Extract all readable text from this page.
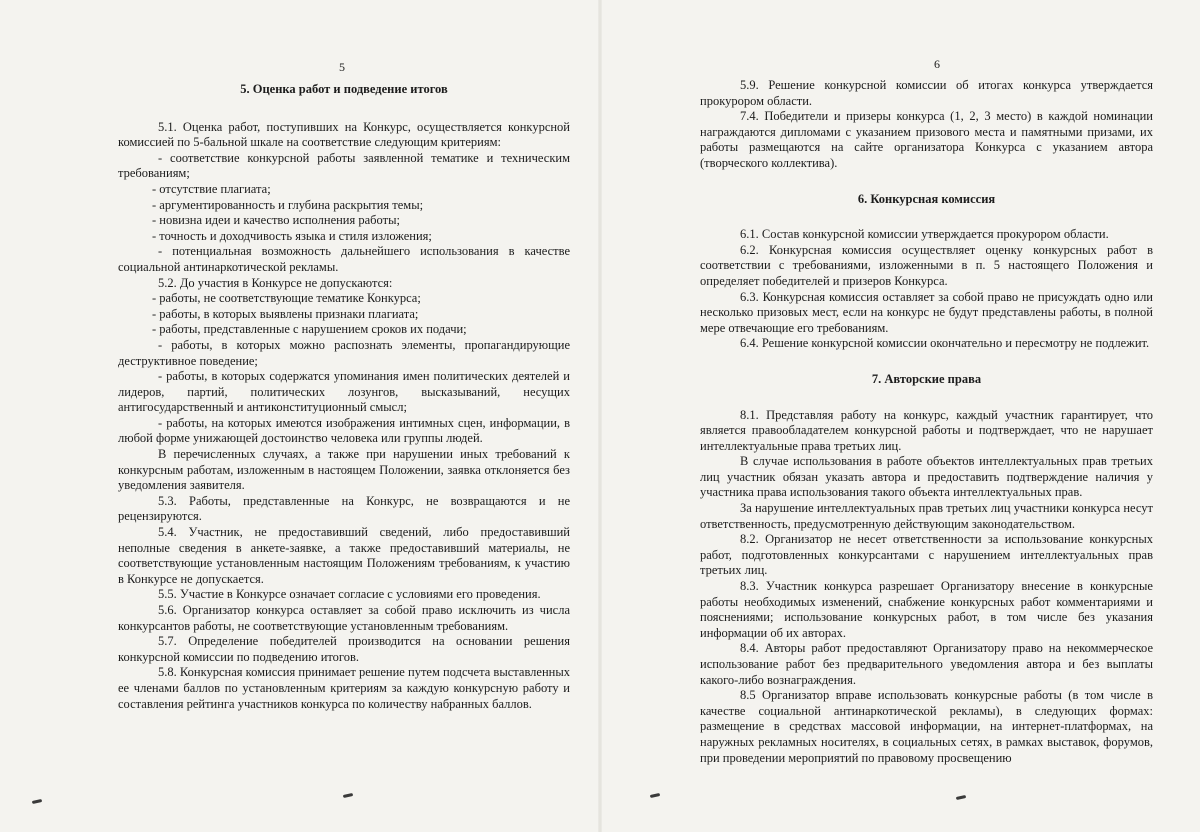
5
5. Оценка работ и подведение итогов

5.1. Оценка работ, поступивших на Конкурс, осуществляется конкурсной комиссией по 5-бальной шкале на соответствие следующим критериям:

- соответствие конкурсной работы заявленной тематике и техническим требованиям;

- отсутствие плагиата;

- аргументированность и глубина раскрытия темы;

- новизна идеи и качество исполнения работы;

- точность и доходчивость языка и стиля изложения;

- потенциальная возможность дальнейшего использования в качестве социальной антинаркотической рекламы.

5.2. До участия в Конкурсе не допускаются:

- работы, не соответствующие тематике Конкурса;

- работы, в которых выявлены признаки плагиата;

- работы, представленные с нарушением сроков их подачи;

- работы, в которых можно распознать элементы, пропагандирующие деструктивное поведение;

- работы, в которых содержатся упоминания имен политических деятелей и лидеров, партий, политических лозунгов, высказываний, несущих антигосударственный и антиконституционный смысл;

- работы, на которых имеются изображения интимных сцен, информации, в любой форме унижающей достоинство человека или группы людей.

В перечисленных случаях, а также при нарушении иных требований к конкурсным работам, изложенным в настоящем Положении, заявка отклоняется без уведомления заявителя.

5.3. Работы, представленные на Конкурс, не возвращаются и не рецензируются.

5.4. Участник, не предоставивший сведений, либо предоставивший неполные сведения в анкете-заявке, а также предоставивший материалы, не соответствующие установленным настоящим Положениям требованиям, к участию в Конкурсе не допускается.

5.5. Участие в Конкурсе означает согласие с условиями его проведения.

5.6. Организатор конкурса оставляет за собой право исключить из числа конкурсантов работы, не соответствующие установленным требованиям.

5.7. Определение победителей производится на основании решения конкурсной комиссии по подведению итогов.

5.8. Конкурсная комиссия принимает решение путем подсчета выставленных ее членами баллов по установленным критериям за каждую конкурсную работу и составления рейтинга участников конкурса по количеству набранных баллов.

6

5.9. Решение конкурсной комиссии об итогах конкурса утверждается прокурором области.

7.4. Победители и призеры конкурса (1, 2, 3 место) в каждой номинации награждаются дипломами с указанием призового места и памятными призами, их работы размещаются на сайте организатора Конкурса с указанием автора (творческого коллектива).

6. Конкурсная комиссия

6.1. Состав конкурсной комиссии утверждается прокурором области.

6.2. Конкурсная комиссия осуществляет оценку конкурсных работ в соответствии с требованиями, изложенными в п. 5 настоящего Положения и определяет победителей и призеров Конкурса.

6.3. Конкурсная комиссия оставляет за собой право не присуждать одно или несколько призовых мест, если на конкурс не будут представлены работы, в полной мере отвечающие его требованиям.

6.4. Решение конкурсной комиссии окончательно и пересмотру не подлежит.

7. Авторские права

8.1. Представляя работу на конкурс, каждый участник гарантирует, что является правообладателем конкурсной работы и подтверждает, что не нарушает интеллектуальные права третьих лиц.

В случае использования в работе объектов интеллектуальных прав третьих лиц участник обязан указать автора и предоставить подтверждение наличия у участника права использования такого объекта интеллектуальных прав.

За нарушение интеллектуальных прав третьих лиц участники конкурса несут ответственность, предусмотренную действующим законодательством.

8.2. Организатор не несет ответственности за использование конкурсных работ, подготовленных конкурсантами с нарушением интеллектуальных прав третьих лиц.

8.3. Участник конкурса разрешает Организатору внесение в конкурсные работы необходимых изменений, снабжение конкурсных работ комментариями и пояснениями; использование конкурсных работ, в том числе без указания информации об их авторах.

8.4. Авторы работ предоставляют Организатору право на некоммерческое использование работ без предварительного уведомления автора и без выплаты какого-либо вознаграждения.

8.5 Организатор вправе использовать конкурсные работы (в том числе в качестве социальной антинаркотической рекламы), в следующих формах: размещение в средствах массовой информации, на интернет-платформах, на наружных рекламных носителях, в социальных сетях, в рамках выставок, форумов, при проведении мероприятий по правовому просвещению
